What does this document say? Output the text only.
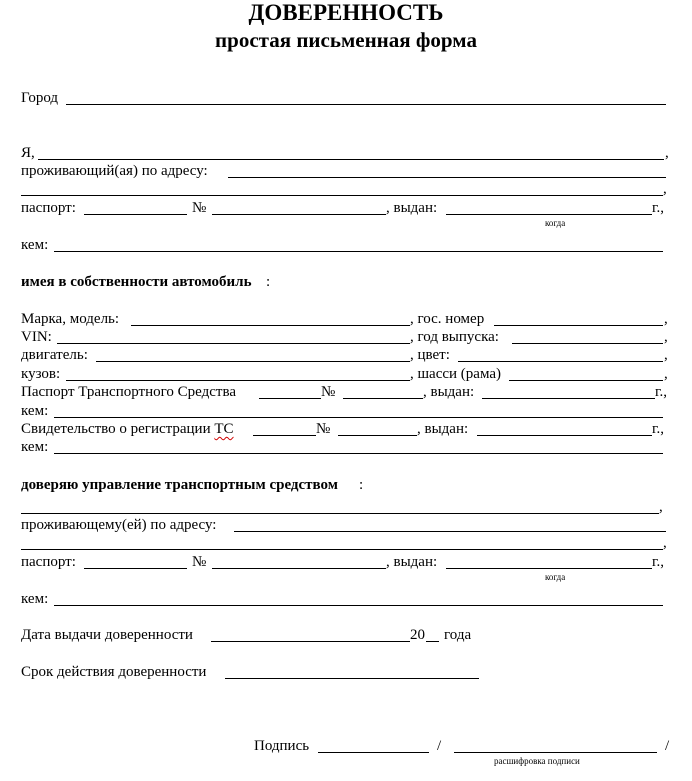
ДОВЕРЕННОСТЬ
простая письменная форма
Город
Я,	,
проживающий(ая) по адресу:
,
паспорт:	№	, выдан:	г.,
когда
кем:
имея в собственности автомобиль :
Марка, модель:	, гос. номер	,
VIN:	, год выпуска:	,
двигатель:	, цвет:	,
кузов:	, шасси (рама)	,
Паспорт Транспортного Средства	№	, выдан:	г.,
кем:
Свидетельство о регистрации ТС	№	, выдан:	г.,
кем:
доверяю управление транспортным средством :
,
проживающему(ей) по адресу:
,
паспорт:	№	, выдан:	г.,
когда
кем:
Дата выдачи доверенности	20 года
Срок действия доверенности
Подпись	/	/
расшифровка подписи
